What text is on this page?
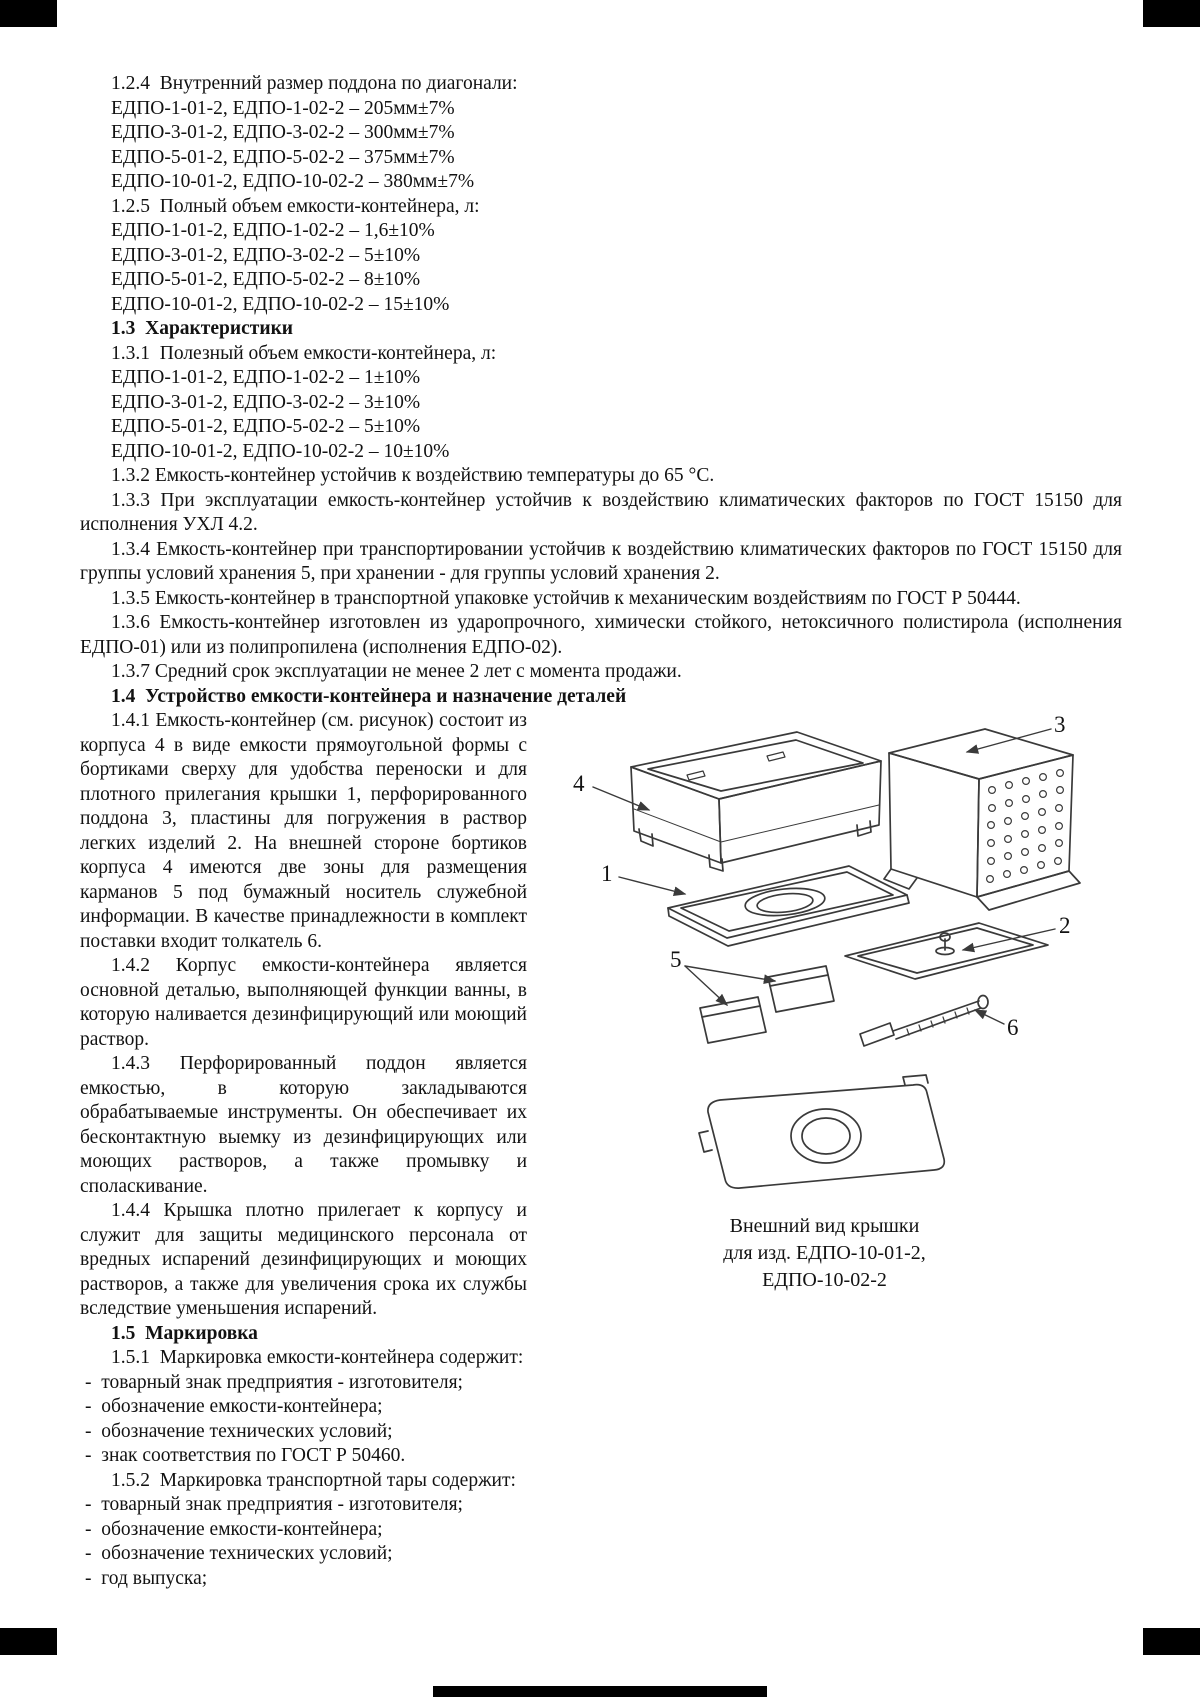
1.2.4  Внутренний размер поддона по диагонали:
ЕДПО-1-01-2, ЕДПО-1-02-2 – 205мм±7%
ЕДПО-3-01-2, ЕДПО-3-02-2 – 300мм±7%
ЕДПО-5-01-2, ЕДПО-5-02-2 – 375мм±7%
ЕДПО-10-01-2, ЕДПО-10-02-2 – 380мм±7%
1.2.5  Полный объем емкости-контейнера, л:
ЕДПО-1-01-2, ЕДПО-1-02-2 – 1,6±10%
ЕДПО-3-01-2, ЕДПО-3-02-2 – 5±10%
ЕДПО-5-01-2, ЕДПО-5-02-2 – 8±10%
ЕДПО-10-01-2, ЕДПО-10-02-2 – 15±10%
1.3  Характеристики
1.3.1  Полезный объем емкости-контейнера, л:
ЕДПО-1-01-2, ЕДПО-1-02-2 – 1±10%
ЕДПО-3-01-2, ЕДПО-3-02-2 – 3±10%
ЕДПО-5-01-2, ЕДПО-5-02-2 – 5±10%
ЕДПО-10-01-2, ЕДПО-10-02-2 – 10±10%
1.3.2 Емкость-контейнер устойчив к воздействию температуры до 65 °С.
1.3.3 При эксплуатации емкость-контейнер устойчив к воздействию климатических факторов по ГОСТ 15150 для исполнения УХЛ 4.2.
1.3.4 Емкость-контейнер при транспортировании устойчив к воздействию климатических факторов по ГОСТ 15150 для группы условий хранения 5, при хранении - для группы условий хранения 2.
1.3.5 Емкость-контейнер в транспортной упаковке устойчив к механическим воздействиям по ГОСТ Р 50444.
1.3.6 Емкость-контейнер изготовлен из ударопрочного, химически стойкого, нетоксичного полистирола (исполнения ЕДПО-01) или из полипропилена (исполнения ЕДПО-02).
1.3.7 Средний срок эксплуатации не менее 2 лет с момента продажи.
1.4  Устройство емкости-контейнера и назначение деталей
1.4.1 Емкость-контейнер (см. рисунок) состоит из корпуса 4 в виде емкости прямоугольной формы с бортиками сверху для удобства переноски и для плотного прилегания крышки 1, перфорированного поддона 3, пластины для погружения в раствор легких изделий 2. На внешней стороне бортиков корпуса 4 имеются две зоны для размещения карманов 5 под бумажный носитель служебной информации. В качестве принадлежности в комплект поставки входит толкатель 6.
1.4.2 Корпус емкости-контейнера является основной деталью, выполняющей функции ванны, в которую наливается дезинфицирующий или моющий раствор.
1.4.3 Перфорированный поддон является емкостью, в которую закладываются обрабатываемые инструменты. Он обеспечивает их бесконтактную выемку из дезинфицирующих или моющих растворов, а также промывку и споласкивание.
1.4.4 Крышка плотно прилегает к корпусу и служит для защиты медицинского персонала от вредных испарений дезинфицирующих и моющих растворов, а также для увеличения срока их службы вследствие уменьшения испарений.
1.5  Маркировка
1.5.1  Маркировка емкости-контейнера содержит:
-  товарный знак предприятия - изготовителя;
-  обозначение емкости-контейнера;
-  обозначение технических условий;
-  знак соответствия по ГОСТ Р 50460.
1.5.2  Маркировка транспортной тары содержит:
-  товарный знак предприятия - изготовителя;
-  обозначение емкости-контейнера;
-  обозначение технических условий;
-  год выпуска;
4
3
1
2
5
6
Внешний вид крышки
для изд. ЕДПО-10-01-2,
ЕДПО-10-02-2
